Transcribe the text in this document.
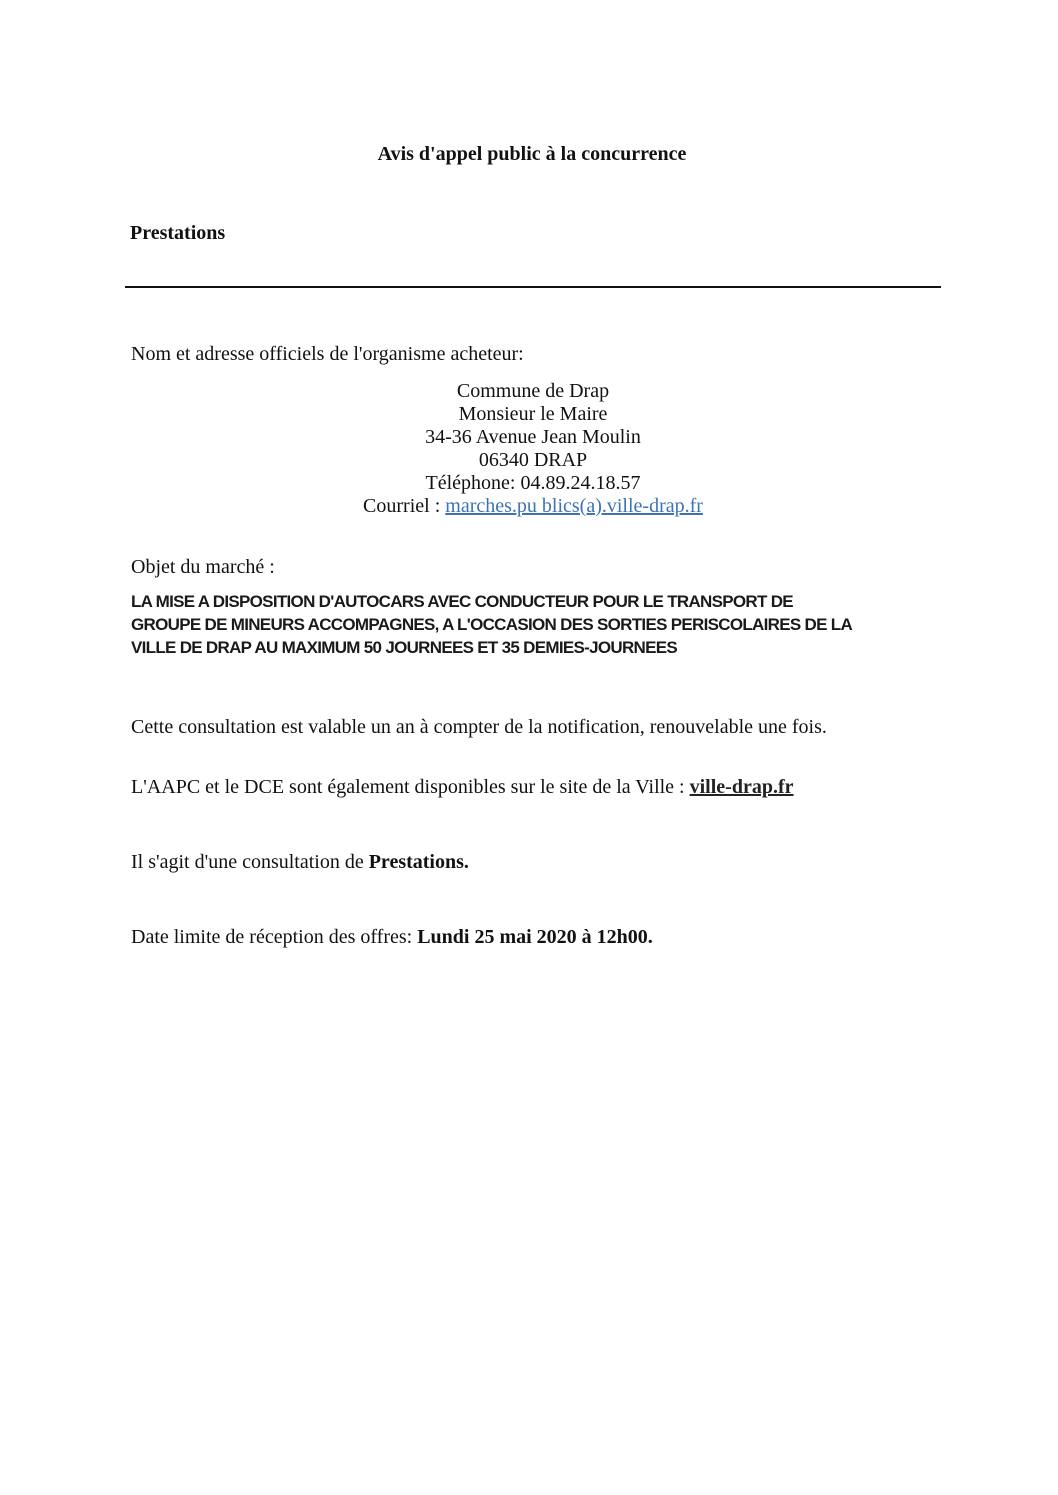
Avis d'appel public à la concurrence
Prestations
Nom et adresse officiels de l'organisme acheteur:
Commune de Drap
Monsieur le Maire
34-36 Avenue Jean Moulin
06340 DRAP
Téléphone: 04.89.24.18.57
Courriel : marches.pu blics(a).ville-drap.fr
Objet du marché :
LA MISE A DISPOSITION D'AUTOCARS AVEC CONDUCTEUR POUR LE TRANSPORT DE
GROUPE DE MINEURS ACCOMPAGNES, A L'OCCASION DES SORTIES PERISCOLAIRES DE LA
VILLE DE DRAP AU MAXIMUM 50 JOURNEES ET 35 DEMIES-JOURNEES
Cette consultation est valable un an à compter de la notification, renouvelable une fois.
L'AAPC et le DCE sont également disponibles sur le site de la Ville : ville-drap.fr
Il s'agit d'une consultation de Prestations.
Date limite de réception des offres: Lundi 25 mai 2020 à 12h00.
